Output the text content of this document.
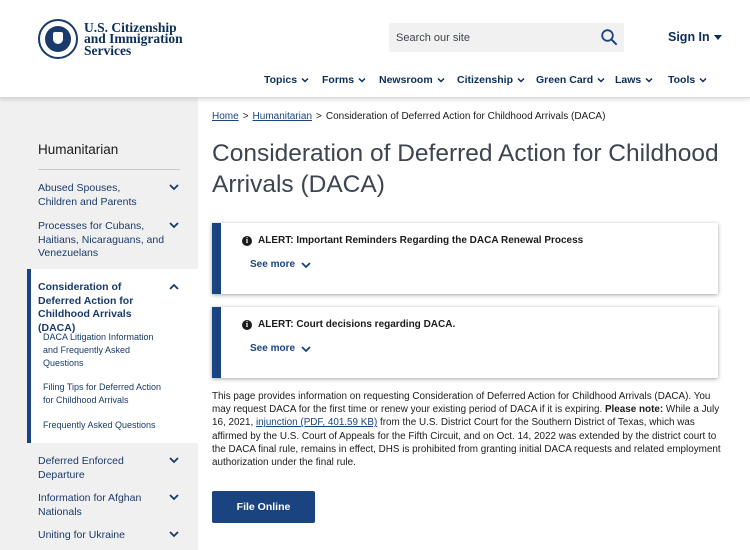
U.S. Citizenship
and Immigration
Services
Search our site
Sign In
Topics Forms Newsroom Citizenship Green Card Laws	Tools
Humanitarian
Abused Spouses, Children and Parents
Processes for Cubans, Haitians, Nicaraguans, and Venezuelans
Consideration of Deferred Action for Childhood Arrivals (DACA)
DACA Litigation Information and Frequently Asked Questions
Filing Tips for Deferred Action for Childhood Arrivals
Frequently Asked Questions
Deferred Enforced Departure
Information for Afghan Nationals
Uniting for Ukraine
Home > Humanitarian > Consideration of Deferred Action for Childhood Arrivals (DACA)
Consideration of Deferred Action for Childhood Arrivals (DACA)
i ALERT: Important Reminders Regarding the DACA Renewal Process
See more
i ALERT: Court decisions regarding DACA.
See more

This page provides information on requesting Consideration of Deferred Action for Childhood Arrivals (DACA). You may request DACA for the first time or renew your existing period of DACA if it is expiring. Please note: While a July 16, 2021, injunction (PDF, 401.59 KB) from the U.S. District Court for the Southern District of Texas, which was affirmed by the U.S. Court of Appeals for the Fifth Circuit, and on Oct. 14, 2022 was extended by the district court to the DACA final rule, remains in effect, DHS is prohibited from granting initial DACA requests and related employment authorization under the final rule.

File Online
